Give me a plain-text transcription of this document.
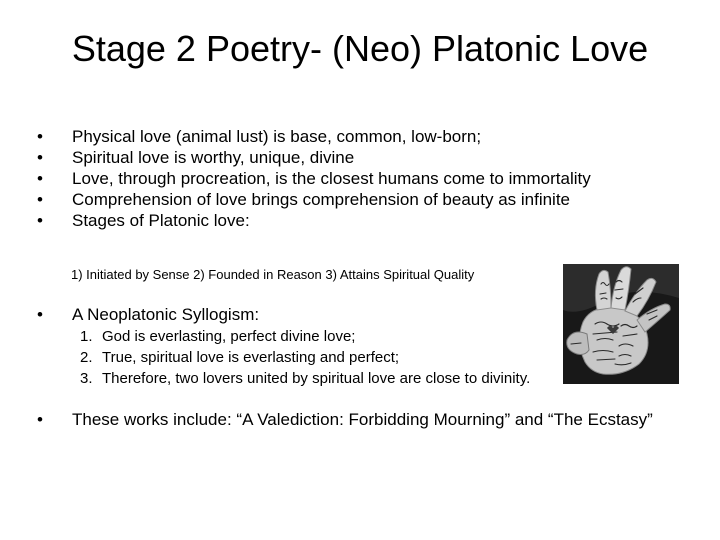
Stage 2 Poetry- (Neo) Platonic Love
•	Physical love (animal lust) is base, common, low-born;
•	Spiritual love is worthy, unique, divine
•	Love, through procreation, is the closest humans come to immortality
•	Comprehension of love brings comprehension of beauty as infinite
•	Stages of Platonic love:
1) Initiated by Sense 2) Founded in Reason 3) Attains Spiritual Quality
•	A Neoplatonic Syllogism:
1. God is everlasting, perfect divine love;
2. True, spiritual love is everlasting and perfect;
3. Therefore, two lovers united by spiritual love are close to divinity.
•	These works include: “A Valediction: Forbidding Mourning” and “The Ecstasy”
